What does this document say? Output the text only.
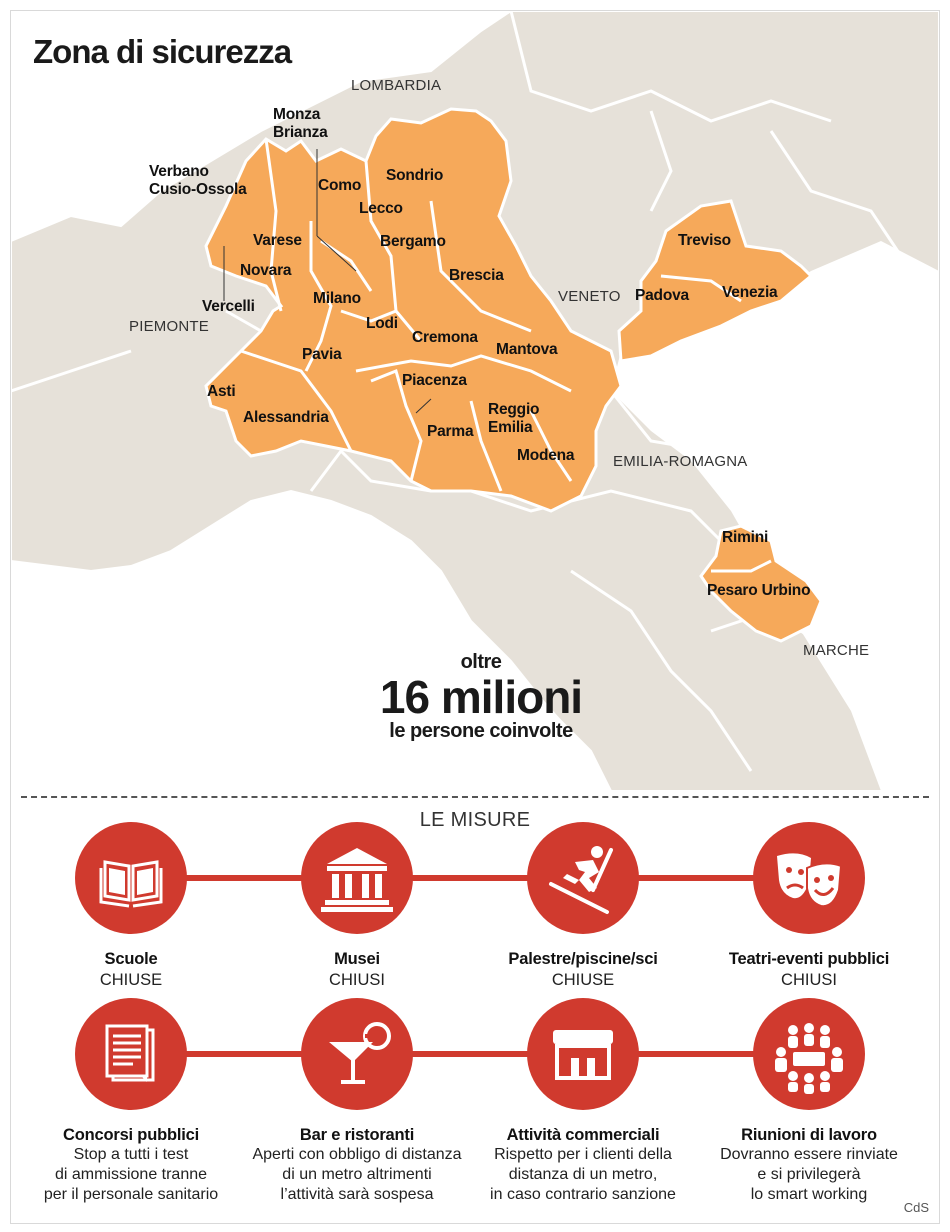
Zona di sicurezza
LOMBARDIA
PIEMONTE
VENETO
EMILIA-ROMAGNA
MARCHE
Monza
Brianza
Verbano
Cusio-Ossola	Como
Sondrio
Lecco
Varese	Bergamo
Novara	Brescia
Milano
Vercelli
Lodi
Cremona
Mantova
Pavia
Piacenza
Asti
Reggio
Emilia
Alessandria
Parma
Modena
Treviso
Padova Venezia
Rimini
Pesaro Urbino
oltre
16 milioni
le persone coinvolte
LE MISURE
Scuole
CHIUSE
Musei
CHIUSI
Palestre/piscine/sci
CHIUSE
Teatri-eventi pubblici
CHIUSI
Concorsi pubblici
Stop a tutti i test
di ammissione tranne
per il personale sanitario
Bar e ristoranti
Aperti con obbligo di distanza
di un metro altrimenti
l’attività sarà sospesa
Attività commerciali
Rispetto per i clienti della
distanza di un metro,
in caso contrario sanzione
Riunioni di lavoro
Dovranno essere rinviate
e si privilegerà
lo smart working
CdS
